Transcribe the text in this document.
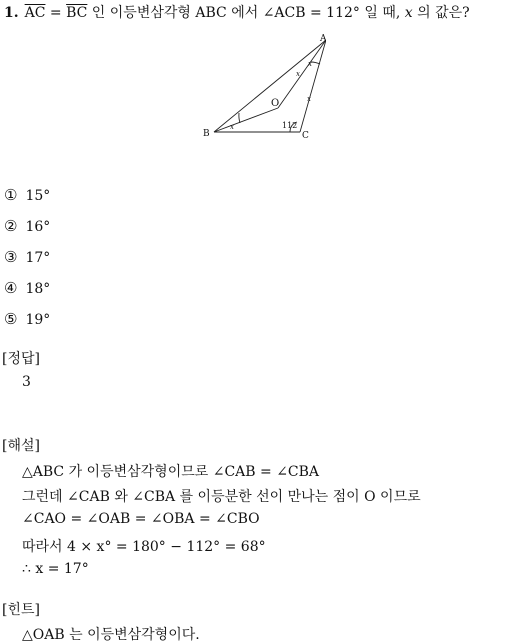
1. $\overline{AC} = \overline{BC}$ 인 이등변삼각형 ABC 에서 ∠ACB = 112° 일 때, x 의 값은?
A
B	C
O
112
x
x
x
x
① 15°
② 16°
③ 17°
④ 18°
⑤ 19°
[정답]
3
[해설]
△ABC 가 이등변삼각형이므로 ∠CAB = ∠CBA
그런데 ∠CAB 와 ∠CBA 를 이등분한 선이 만나는 점이 O 이므로
∠CAO = ∠OAB = ∠OBA = ∠CBO
따라서 4 × x° = 180° − 112° = 68°
∴ x = 17°
[힌트]
△OAB 는 이등변삼각형이다.
